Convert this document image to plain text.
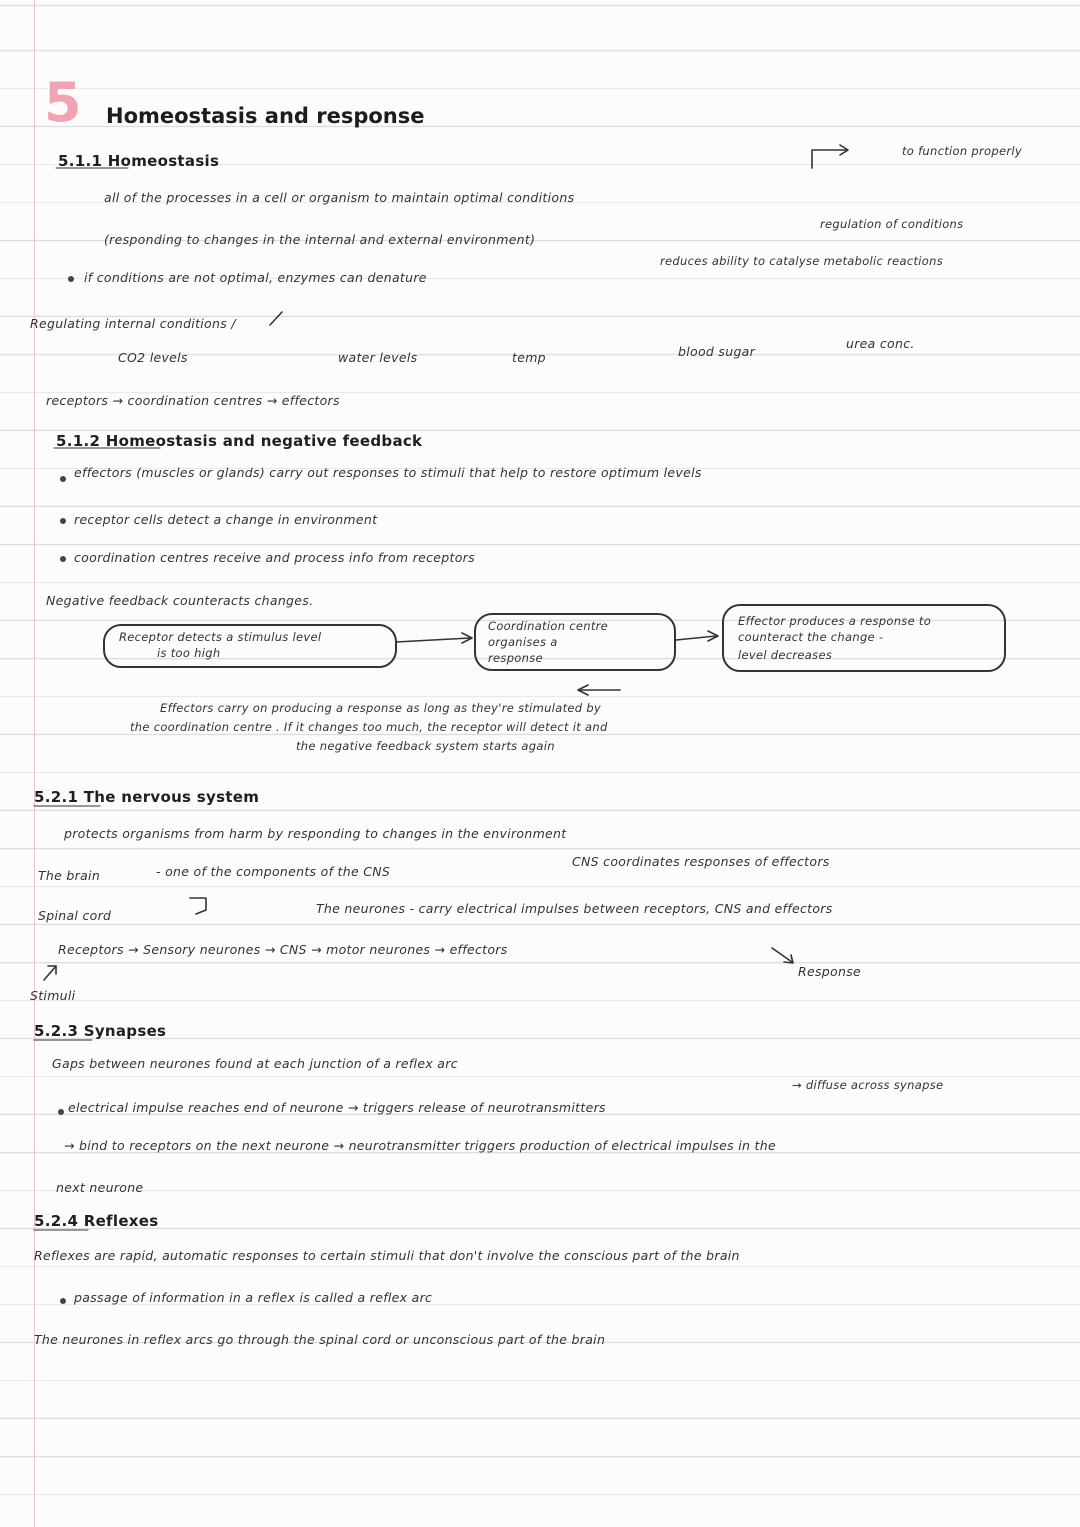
5 Homeostasis and response
5.1.1 Homeostasis
to function properly
all of the processes in a cell or organism to maintain optimal conditions
(responding to changes in the internal and external environment)
regulation of conditions
if conditions are not optimal, enzymes can denature
reduces ability to catalyse metabolic reactions
Regulating internal conditions /
CO2 levels	water levels	temp	blood sugar
urea conc.
receptors → coordination centres → effectors
5.1.2 Homeostasis and negative feedback
effectors (muscles or glands) carry out responses to stimuli that help to restore optimum levels
receptor cells detect a change in environment
coordination centres receive and process info from receptors
Negative feedback counteracts changes.
Receptor detects a stimulus level
is too high
Coordination centre
organises a
response
Effector produces a response to
counteract the change -
level decreases
Effectors carry on producing a response as long as they're stimulated by
the coordination centre . If it changes too much, the receptor will detect it and
the negative feedback system starts again
5.2.1 The nervous system
protects organisms from harm by responding to changes in the environment
The brain	- one of the components of the CNS
CNS coordinates responses of effectors
Spinal cord	The neurones - carry electrical impulses between receptors, CNS and effectors
Receptors → Sensory neurones → CNS → motor neurones → effectors
Response
Stimuli
5.2.3 Synapses
Gaps between neurones found at each junction of a reflex arc
electrical impulse reaches end of neurone → triggers release of neurotransmitters
→ diffuse across synapse
→ bind to receptors on the next neurone → neurotransmitter triggers production of electrical impulses in the
next neurone
5.2.4 Reflexes
Reflexes are rapid, automatic responses to certain stimuli that don't involve the conscious part of the brain
passage of information in a reflex is called a reflex arc
The neurones in reflex arcs go through the spinal cord or unconscious part of the brain
